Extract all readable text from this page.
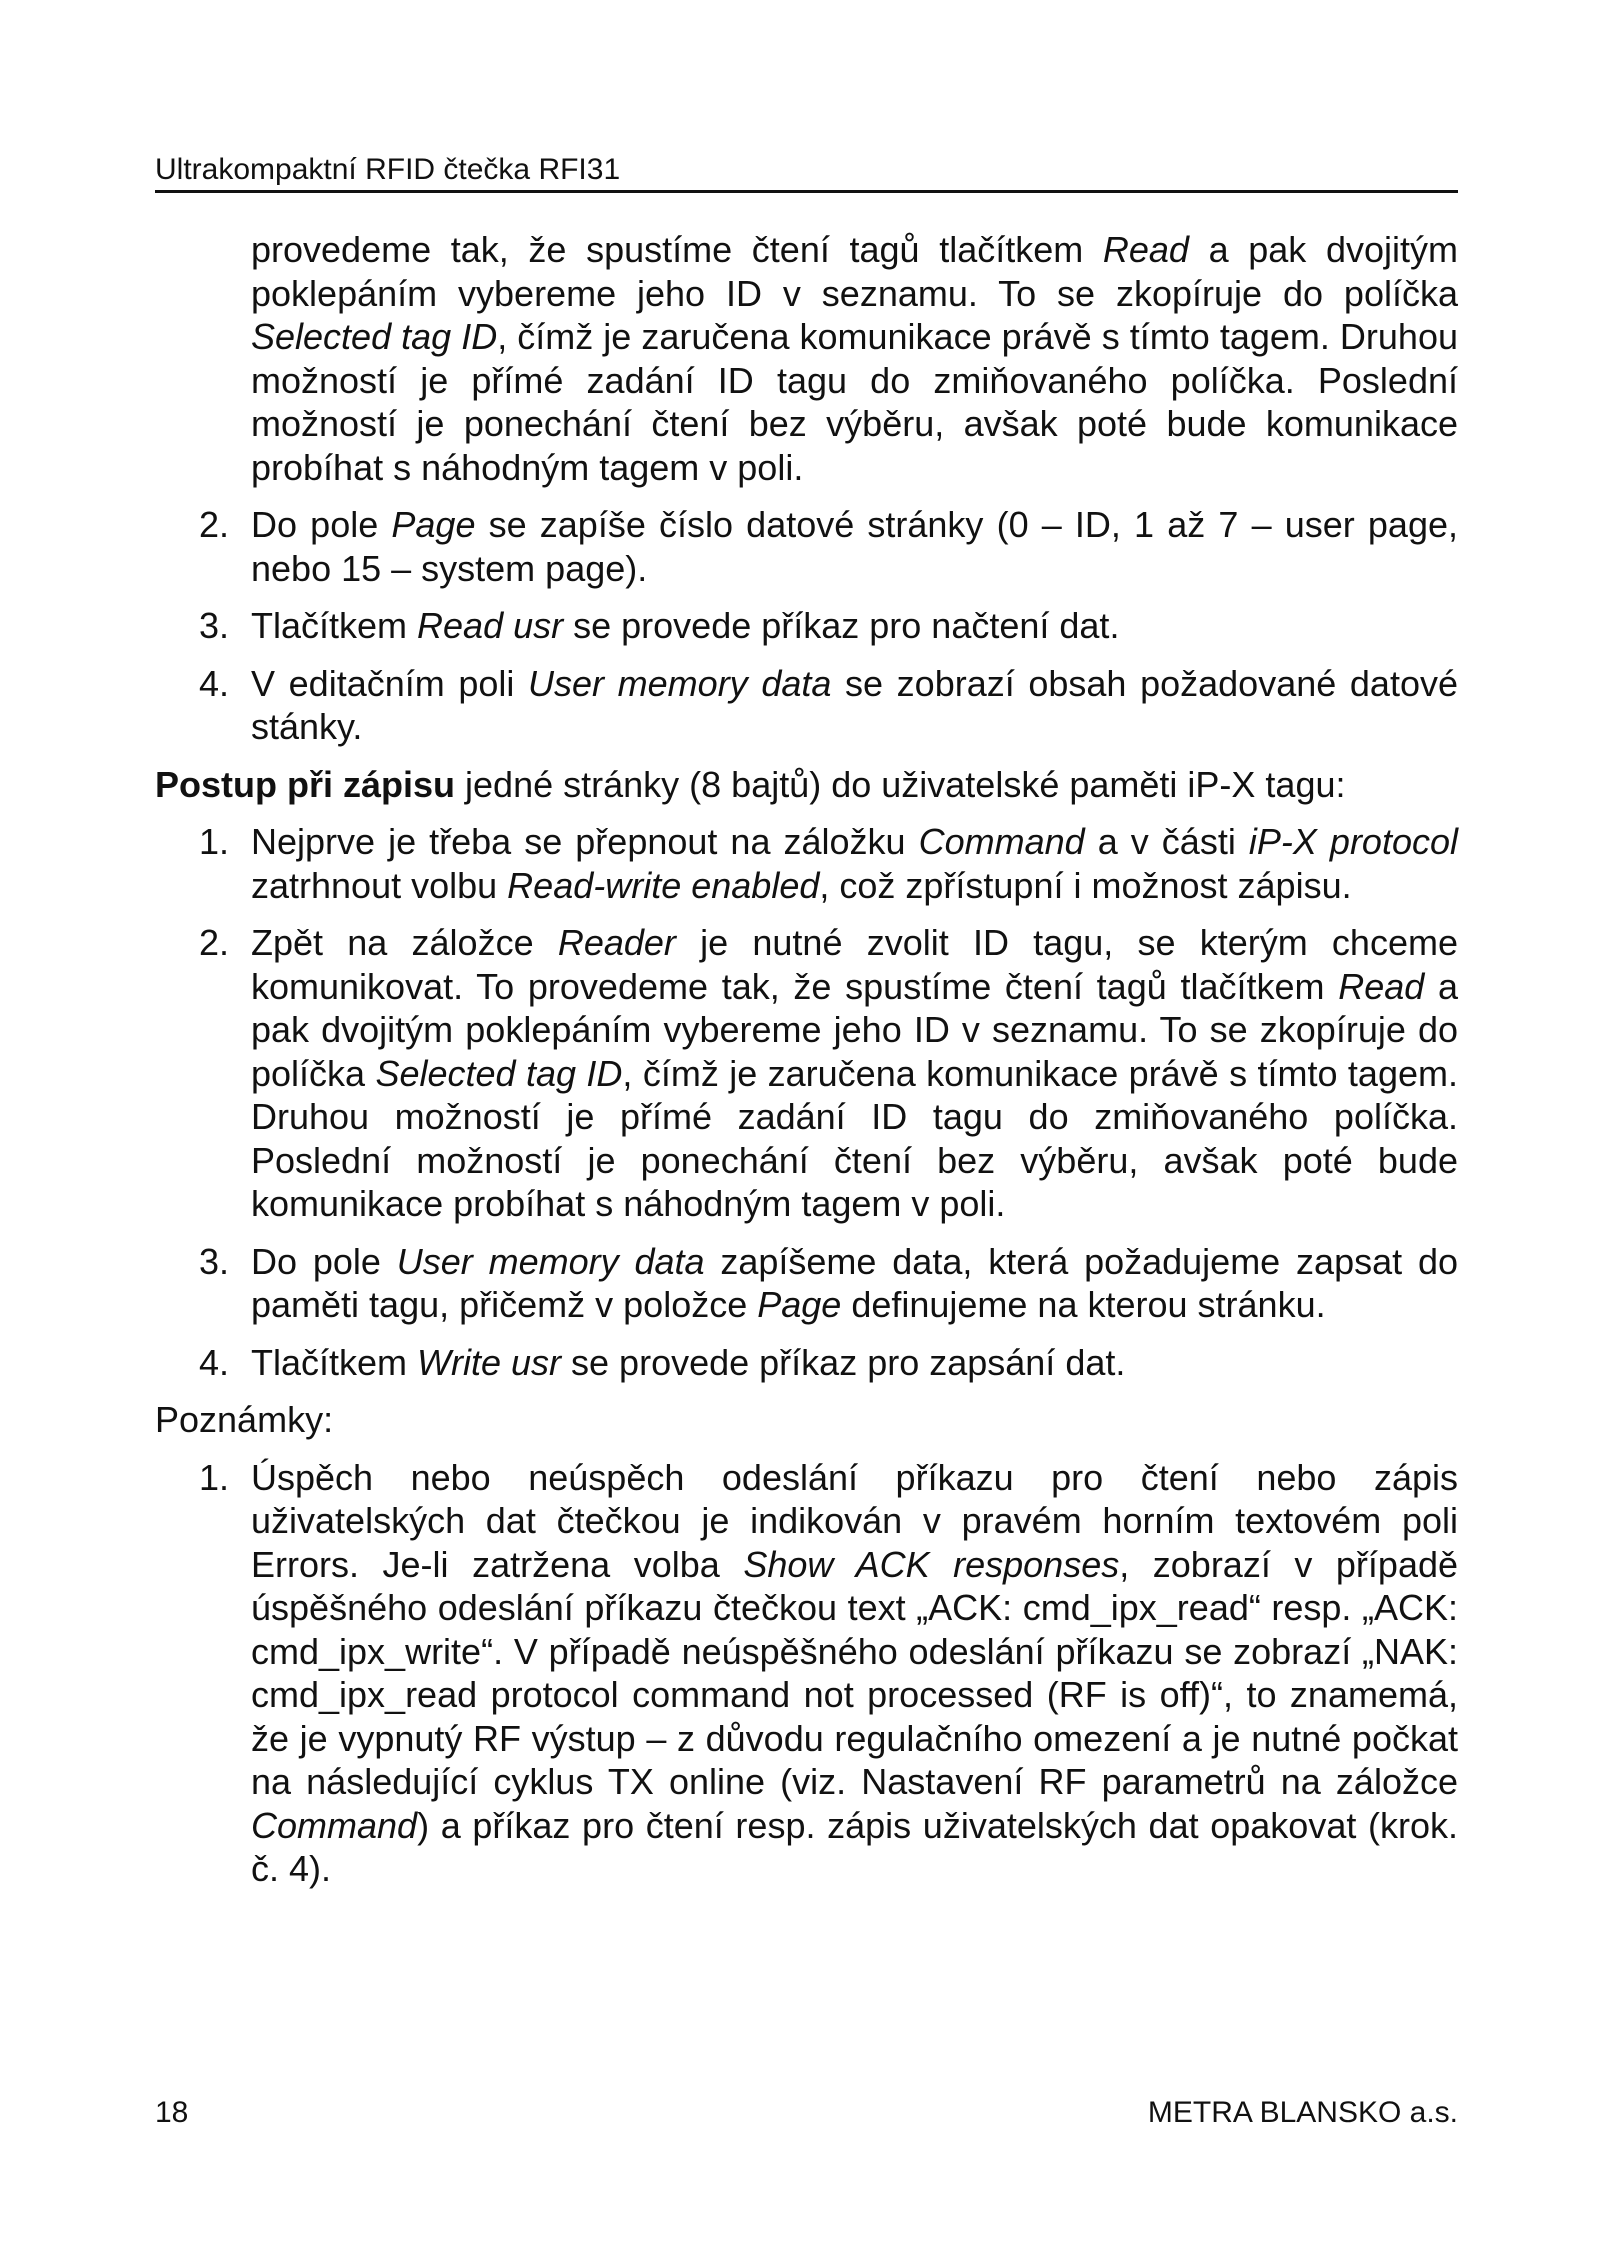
Ultrakompaktní RFID čtečka RFI31

provedeme tak, že spustíme čtení tagů tlačítkem Read a pak dvojitým poklepáním vybereme jeho ID v seznamu. To se zkopíruje do políčka Selected tag ID, čímž je zaručena komunikace právě s tímto tagem. Druhou možností je přímé zadání ID tagu do zmiňovaného políčka. Poslední možností je ponechání čtení bez výběru, avšak poté bude komunikace probíhat s náhodným tagem v poli.

2. Do pole Page se zapíše číslo datové stránky (0 – ID, 1 až 7 – user page, nebo 15 – system page).
3. Tlačítkem Read usr se provede příkaz pro načtení dat.
4. V editačním poli User memory data se zobrazí obsah požadované datové stánky.

Postup při zápisu jedné stránky (8 bajtů) do uživatelské paměti iP-X tagu:

1. Nejprve je třeba se přepnout na záložku Command a v části iP-X protocol zatrhnout volbu Read-write enabled, což zpřístupní i možnost zápisu.
2. Zpět na záložce Reader je nutné zvolit ID tagu, se kterým chceme komunikovat. To provedeme tak, že spustíme čtení tagů tlačítkem Read a pak dvojitým poklepáním vybereme jeho ID v seznamu. To se zkopíruje do políčka Selected tag ID, čímž je zaručena komunikace právě s tímto tagem. Druhou možností je přímé zadání ID tagu do zmiňovaného políčka. Poslední možností je ponechání čtení bez výběru, avšak poté bude komunikace probíhat s náhodným tagem v poli.
3. Do pole User memory data zapíšeme data, která požadujeme zapsat do paměti tagu, přičemž v položce Page definujeme na kterou stránku.
4. Tlačítkem Write usr se provede příkaz pro zapsání dat.

Poznámky:

1. Úspěch nebo neúspěch odeslání příkazu pro čtení nebo zápis uživatelských dat čtečkou je indikován v pravém horním textovém poli Errors. Je-li zatržena volba Show ACK responses, zobrazí v případě úspěšného odeslání příkazu čtečkou text „ACK: cmd_ipx_read“ resp. „ACK: cmd_ipx_write“. V případě neúspěšného odeslání příkazu se zobrazí „NAK: cmd_ipx_read protocol command not processed (RF is off)“, to znamemá, že je vypnutý RF výstup – z důvodu regulačního omezení a je nutné počkat na následující cyklus TX online (viz. Nastavení RF parametrů na záložce Command) a příkaz pro čtení resp. zápis uživatelských dat opakovat (krok. č. 4).
18	METRA BLANSKO a.s.
